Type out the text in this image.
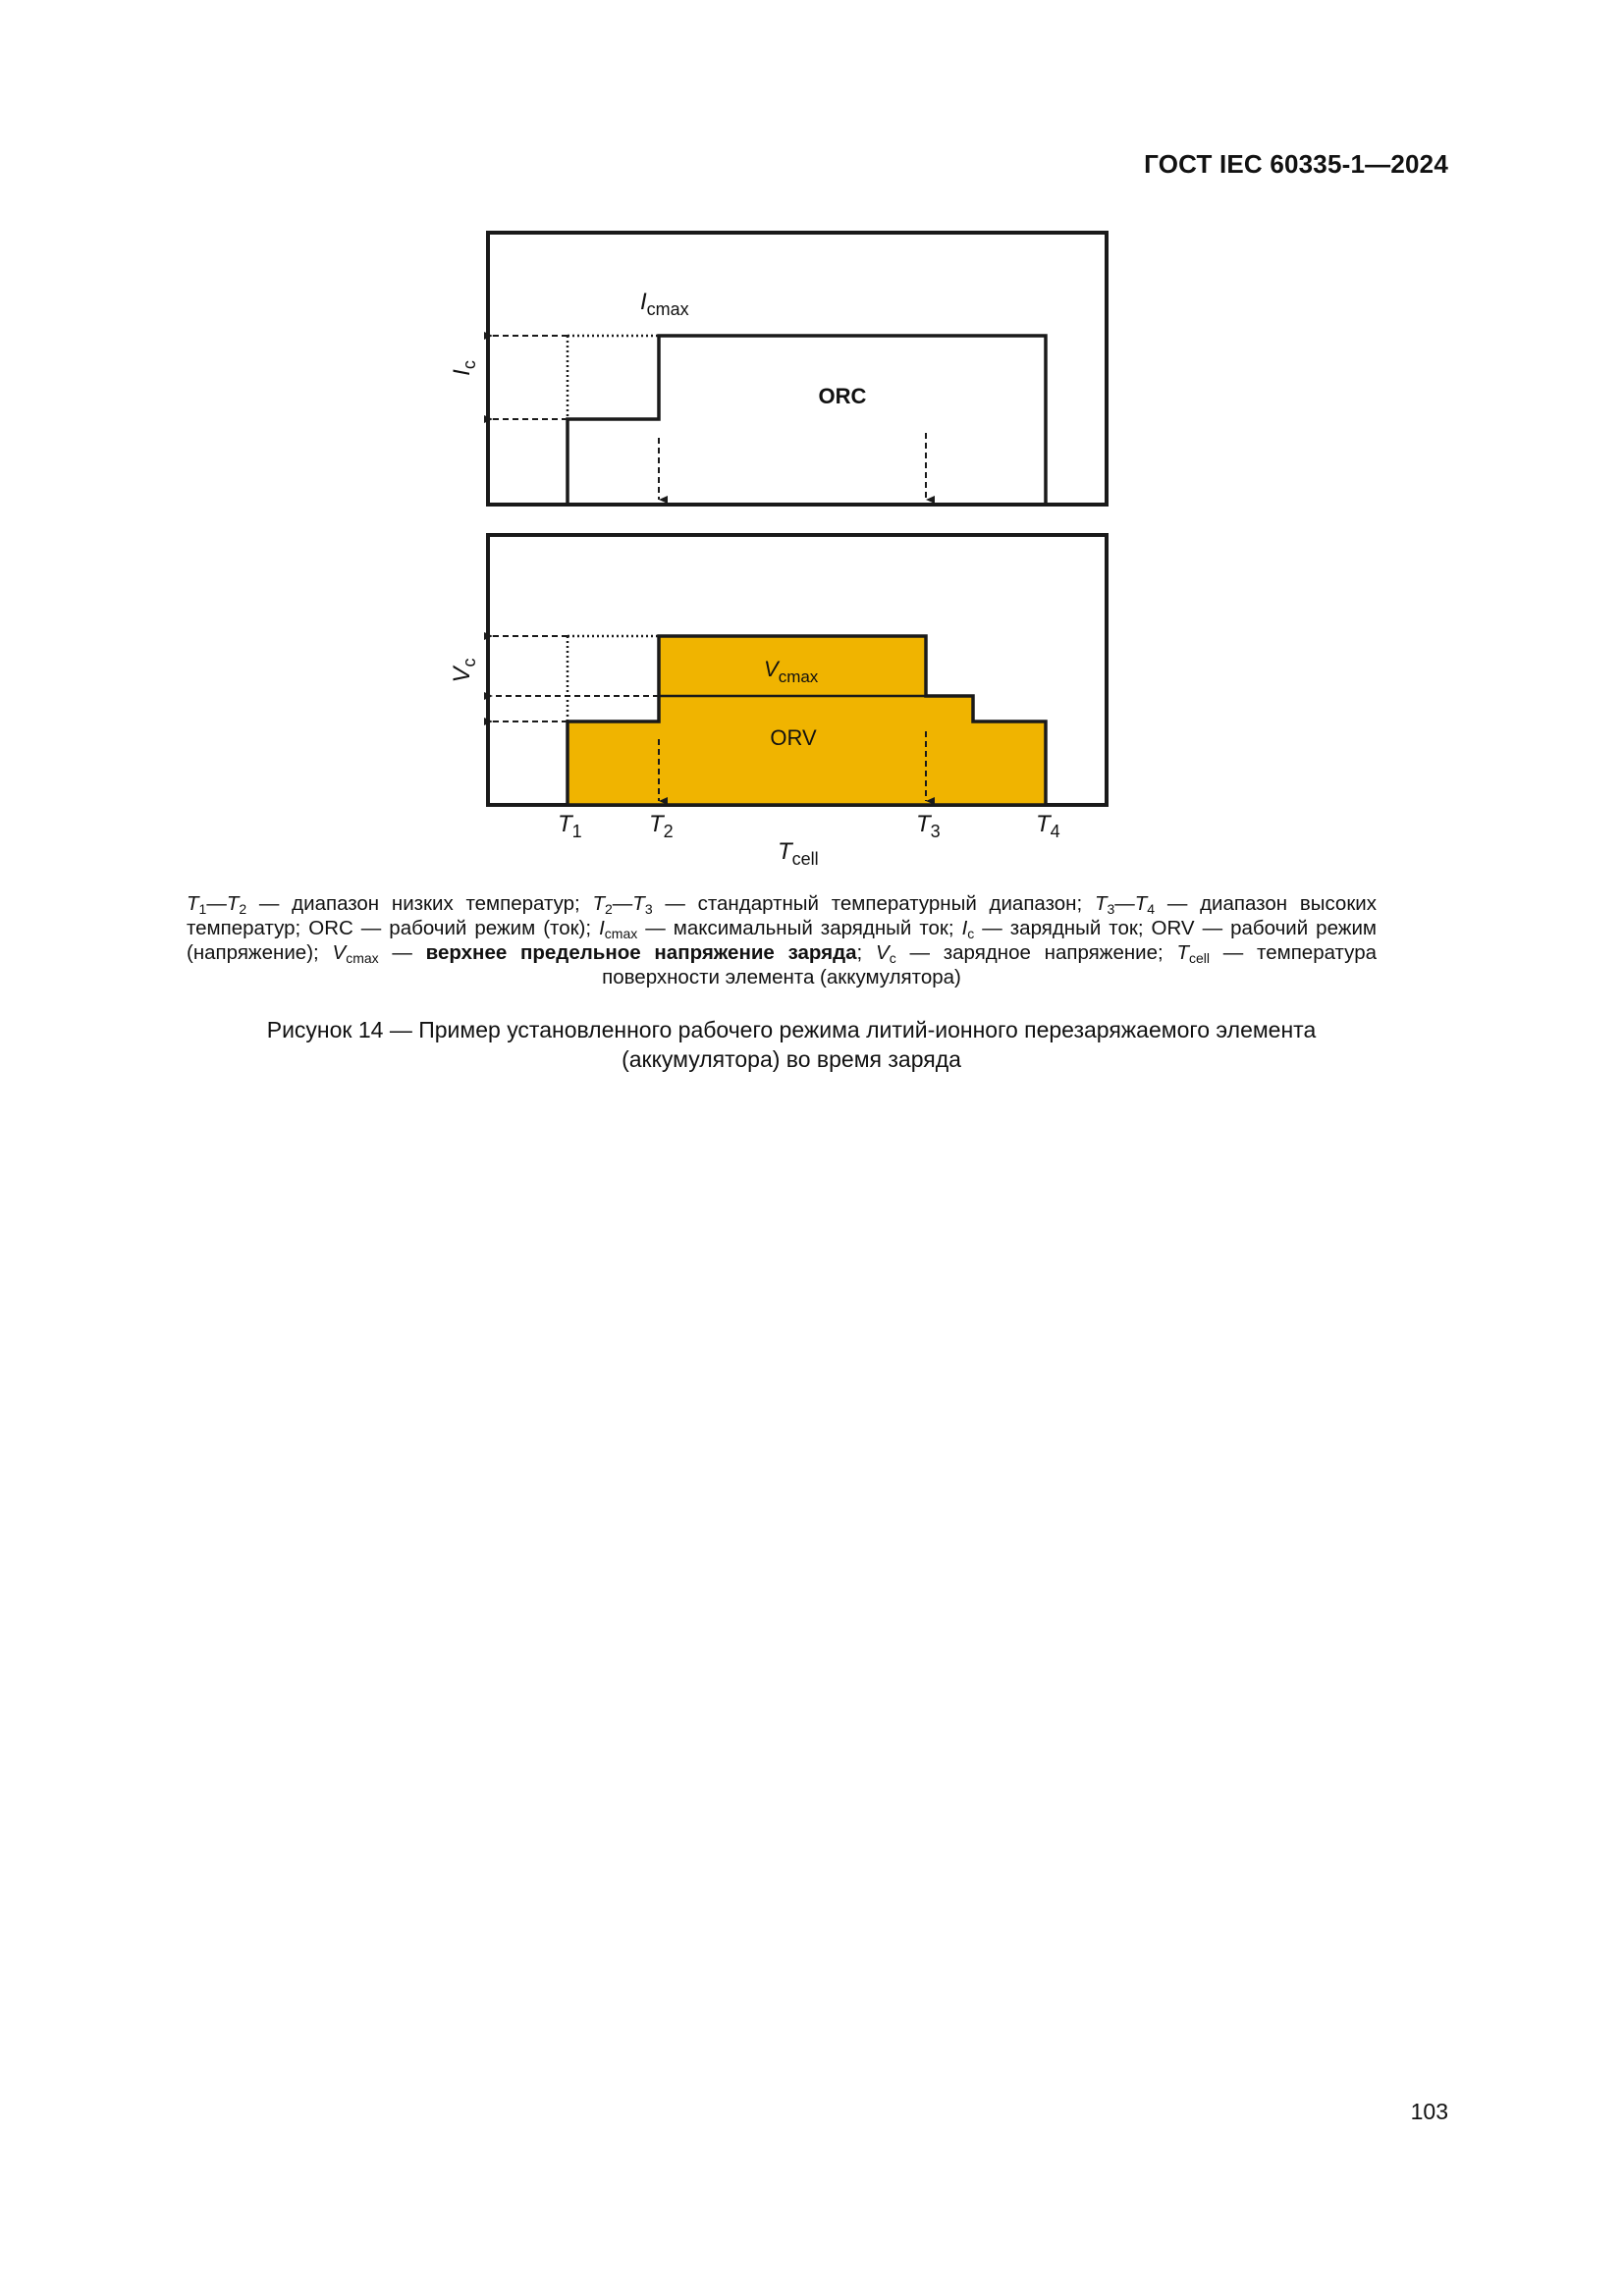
ГОСТ IEC 60335-1—2024
$I_{cmax}$
ORC
$I_c$
$V_{cmax}$
ORV
$V_c$
$T_1$	$T_2$	$T_3$	$T_4$
$T_{cell}$
$T_1—T_2$ — диапазон низких температур; $T_2—T_3$ — стандартный температурный диапазон; $T_3—T_4$ — диапазон высоких температур; ORC — рабочий режим (ток); $I_{cmax}$ — максимальный зарядный ток; $I_c$ — зарядный ток; ORV — рабочий режим (напряжение); $V_{cmax}$ — верхнее предельное напряжение заряда; $V_c$ — зарядное напряжение; $T_{cell}$ — температура поверхности элемента (аккумулятора)
Рисунок 14 — Пример установленного рабочего режима литий-ионного перезаряжаемого элемента (аккумулятора) во время заряда
103
